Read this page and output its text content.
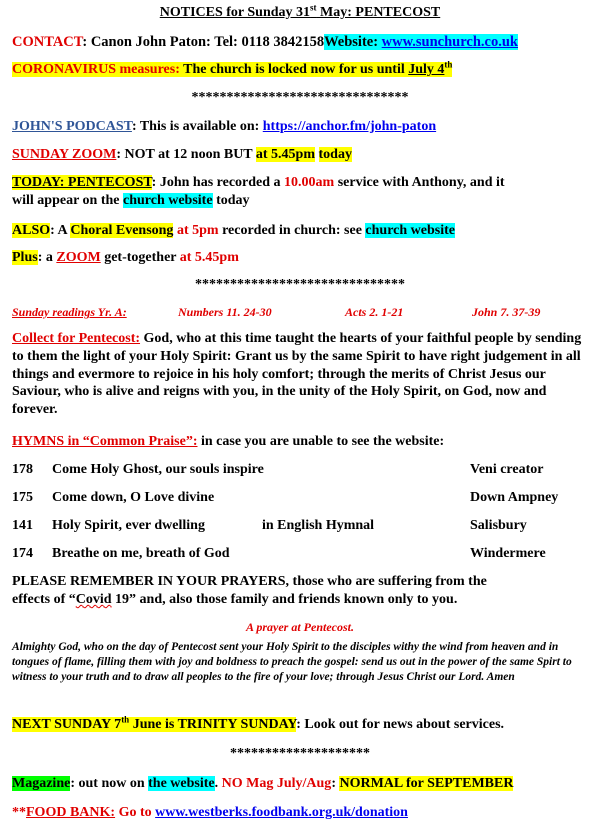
NOTICES for Sunday 31st May: PENTECOST
CONTACT: Canon John Paton: Tel: 0118 3842158Website: www.sunchurch.co.uk
CORONAVIRUS measures: The church is locked now for us until July 4th
*******************************
JOHN'S PODCAST: This is available on: https://anchor.fm/john-paton
SUNDAY ZOOM: NOT at 12 noon BUT at 5.45pm today
TODAY: PENTECOST: John has recorded a 10.00am service with Anthony, and it
will appear on the church website today
ALSO: A Choral Evensong at 5pm recorded in church: see church website
Plus: a ZOOM get-together at 5.45pm
******************************
Sunday readings Yr. A:	Numbers 11. 24-30	Acts 2. 1-21	John 7. 37-39
Collect for Pentecost: God, who at this time taught the hearts of your faithful people by sending to them the light of your Holy Spirit: Grant us by the same Spirit to have right judgement in all things and evermore to rejoice in his holy comfort; through the merits of Christ Jesus our Saviour, who is alive and reigns with you, in the unity of the Holy Spirit, on God, now and forever.
HYMNS in “Common Praise”: in case you are unable to see the website:
178 Come Holy Ghost, our souls inspire	Veni creator
175 Come down, O Love divine	Down Ampney
141 Holy Spirit, ever dwelling	in English Hymnal	Salisbury
174 Breathe on me, breath of God	Windermere
PLEASE REMEMBER IN YOUR PRAYERS, those who are suffering from the
effects of “Covid 19” and, also those family and friends known only to you.
A prayer at Pentecost.
Almighty God, who on the day of Pentecost sent your Holy Spirit to the disciples withy the wind from heaven and in tongues of flame, filling them with joy and boldness to preach the gospel: send us out in the power of the same Spirt to witness to your truth and to draw all peoples to the fire of your love; through Jesus Christ our Lord. Amen
NEXT SUNDAY 7th June is TRINITY SUNDAY: Look out for news about services.
********************
Magazine: out now on the website. NO Mag July/Aug: NORMAL for SEPTEMBER
**FOOD BANK: Go to www.westberks.foodbank.org.uk/donation
